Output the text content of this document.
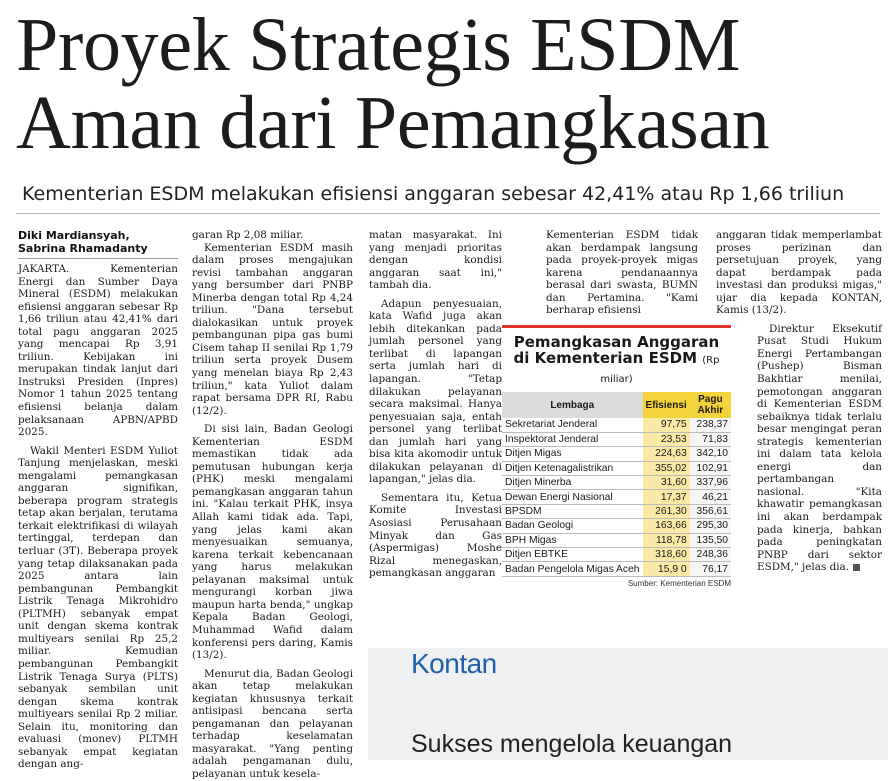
Proyek Strategis ESDM
Aman dari Pemangkasan
Kementerian ESDM melakukan efisiensi anggaran sebesar 42,41% atau Rp 1,66 triliun
Diki Mardiansyah,
Sabrina Rhamadanty

JAKARTA. Kementerian Energi dan Sumber Daya Mineral (ESDM) melakukan efisiensi anggaran sebesar Rp 1,66 triliun atau 42,41% dari total pagu anggaran 2025 yang mencapai Rp 3,91 triliun. Kebijakan ini merupakan tindak lanjut dari Instruksi Presiden (Inpres) Nomor 1 tahun 2025 tentang efisiensi belanja dalam pelaksanaan APBN/APBD 2025.

Wakil Menteri ESDM Yuliot Tanjung menjelaskan, meski mengalami pemangkasan anggaran signifikan, beberapa program strategis tetap akan berjalan, terutama terkait elektrifikasi di wilayah tertinggal, terdepan dan terluar (3T). Beberapa proyek yang tetap dilaksanakan pada 2025 antara lain pembangunan Pembangkit Listrik Tenaga Mikrohidro (PLTMH) sebanyak empat unit dengan skema kontrak multiyears senilai Rp 25,2 miliar. Kemudian pembangunan Pembangkit Listrik Tenaga Surya (PLTS) sebanyak sembilan unit dengan skema kontrak multiyears senilai Rp 2 miliar. Selain itu, monitoring dan evaluasi (monev) PLTMH sebanyak empat kegiatan dengan ang-

garan Rp 2,08 miliar.

Kementerian ESDM masih dalam proses mengajukan revisi tambahan anggaran yang bersumber dari PNBP Minerba dengan total Rp 4,24 triliun. "Dana tersebut dialokasikan untuk proyek pembangunan pipa gas bumi Cisem tahap II senilai Rp 1,79 triliun serta proyek Dusem yang menelan biaya Rp 2,43 triliun," kata Yuliot dalam rapat bersama DPR RI, Rabu (12/2).

Di sisi lain, Badan Geologi Kementerian ESDM memastikan tidak ada pemutusan hubungan kerja (PHK) meski mengalami pemangkasan anggaran tahun ini. "Kalau terkait PHK, insya Allah kami tidak ada. Tapi, yang jelas kami akan menyesuaikan semuanya, karena terkait kebencanaan yang harus melakukan pelayanan maksimal untuk mengurangi korban jiwa maupun harta benda," ungkap Kepala Badan Geologi, Muhammad Wafid dalam konferensi pers daring, Kamis (13/2).

Menurut dia, Badan Geologi akan tetap melakukan kegiatan khususnya terkait antisipasi bencana serta pengamanan dan pelayanan terhadap keselamatan masyarakat. "Yang penting adalah pengamanan dulu, pelayanan untuk kesela-

matan masyarakat. Ini yang menjadi prioritas dengan kondisi anggaran saat ini," tambah dia.

Adapun penyesuaian, kata Wafid juga akan lebih ditekankan pada jumlah personel yang terlibat di lapangan serta jumlah hari di lapangan. "Tetap dilakukan pelayanan secara maksimal. Hanya penyesuaian saja, entah personel yang terlibat dan jumlah hari yang bisa kita akomodir untuk dilakukan pelayanan di lapangan," jelas dia.

Sementara itu, Ketua Komite Investasi Asosiasi Perusahaan Minyak dan Gas (Aspermigas) Moshe Rizal menegaskan, pemangkasan anggaran

Kementerian ESDM tidak akan berdampak langsung pada proyek-proyek migas karena pendanaannya berasal dari swasta, BUMN dan Pertamina. "Kami berharap efisiensi

anggaran tidak memperlambat proses perizinan dan persetujuan proyek, yang dapat berdampak pada investasi dan produksi migas," ujar dia kepada KONTAN, Kamis (13/2).

Direktur Eksekutif Pusat Studi Hukum Energi Pertambangan (Pushep) Bisman Bakhtiar menilai, pemotongan anggaran di Kementerian ESDM sebaiknya tidak terlalu besar mengingat peran strategis kementerian ini dalam tata kelola energi dan pertambangan nasional. "Kita khawatir pemangkasan ini akan berdampak pada kinerja, bahkan pada peningkatan PNBP dari sektor ESDM," jelas dia.

Pemangkasan Anggaran
di Kementerian ESDM (Rp miliar)
Lembaga	Efisiensi	Pagu Akhir
Sekretariat Jenderal	97,75	238,37
Inspektorat Jenderal	23,53	71,83
Ditjen Migas	224,63	342,10
Ditjen Ketenagalistrikan	355,02	102,91
Ditjen Minerba	31,60	337,96
Dewan Energi Nasional	17,37	46,21
BPSDM	261,30	356,61
Badan Geologi	163,66	295,30
BPH Migas	118,78	135,50
Ditjen EBTKE	318,60	248,36
Badan Pengelola Migas Aceh	15,9 0	76,17
Sumber: Kementerian ESDM
Kontan
Sukses mengelola keuangan
